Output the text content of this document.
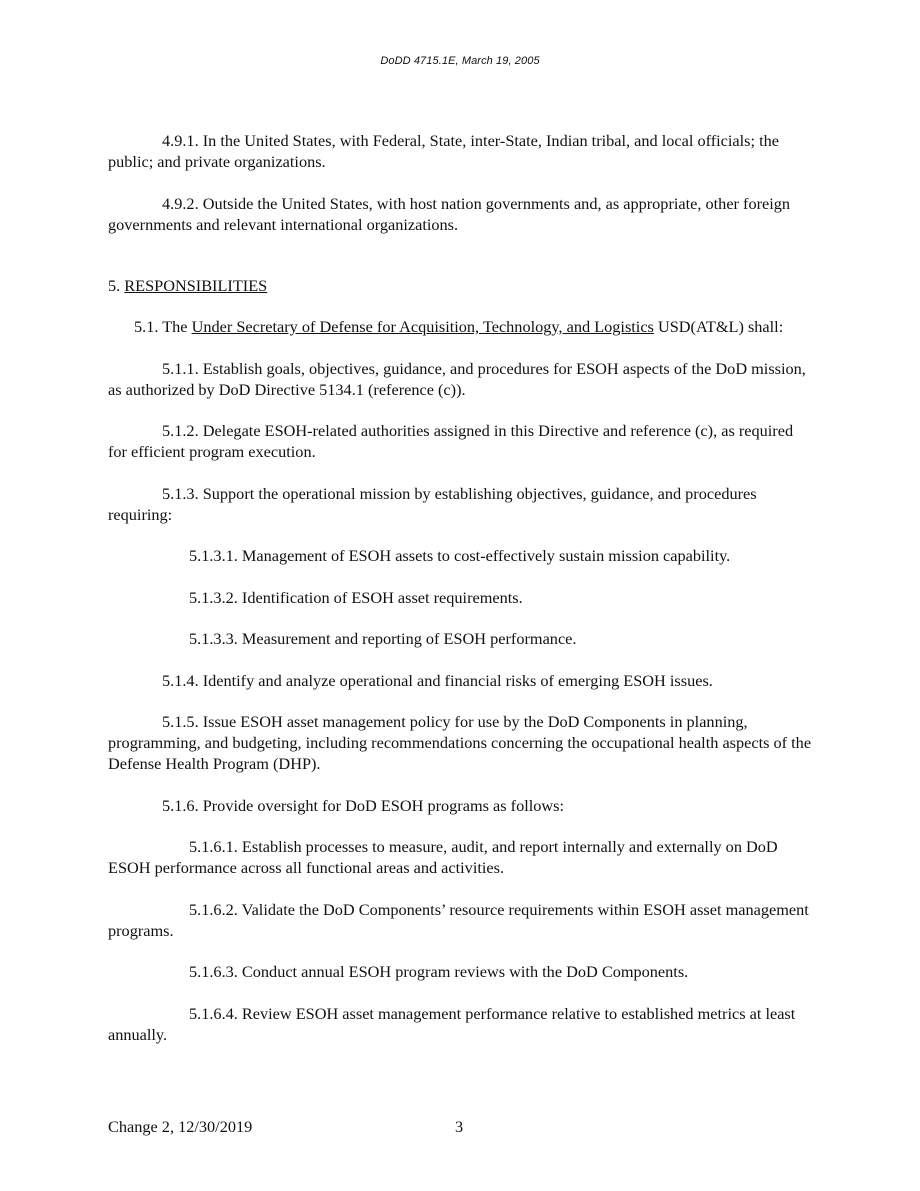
DoDD 4715.1E, March 19, 2005

4.9.1. In the United States, with Federal, State, inter-State, Indian tribal, and local officials; the public; and private organizations.

4.9.2. Outside the United States, with host nation governments and, as appropriate, other foreign governments and relevant international organizations.

5. RESPONSIBILITIES

5.1. The Under Secretary of Defense for Acquisition, Technology, and Logistics USD(AT&L) shall:

5.1.1. Establish goals, objectives, guidance, and procedures for ESOH aspects of the DoD mission, as authorized by DoD Directive 5134.1 (reference (c)).

5.1.2. Delegate ESOH-related authorities assigned in this Directive and reference (c), as required for efficient program execution.

5.1.3. Support the operational mission by establishing objectives, guidance, and procedures requiring:

5.1.3.1. Management of ESOH assets to cost-effectively sustain mission capability.

5.1.3.2. Identification of ESOH asset requirements.

5.1.3.3. Measurement and reporting of ESOH performance.

5.1.4. Identify and analyze operational and financial risks of emerging ESOH issues.

5.1.5. Issue ESOH asset management policy for use by the DoD Components in planning, programming, and budgeting, including recommendations concerning the occupational health aspects of the Defense Health Program (DHP).

5.1.6. Provide oversight for DoD ESOH programs as follows:

5.1.6.1. Establish processes to measure, audit, and report internally and externally on DoD ESOH performance across all functional areas and activities.

5.1.6.2. Validate the DoD Components’ resource requirements within ESOH asset management programs.

5.1.6.3. Conduct annual ESOH program reviews with the DoD Components.

5.1.6.4. Review ESOH asset management performance relative to established metrics at least annually.

Change 2, 12/30/2019	3
